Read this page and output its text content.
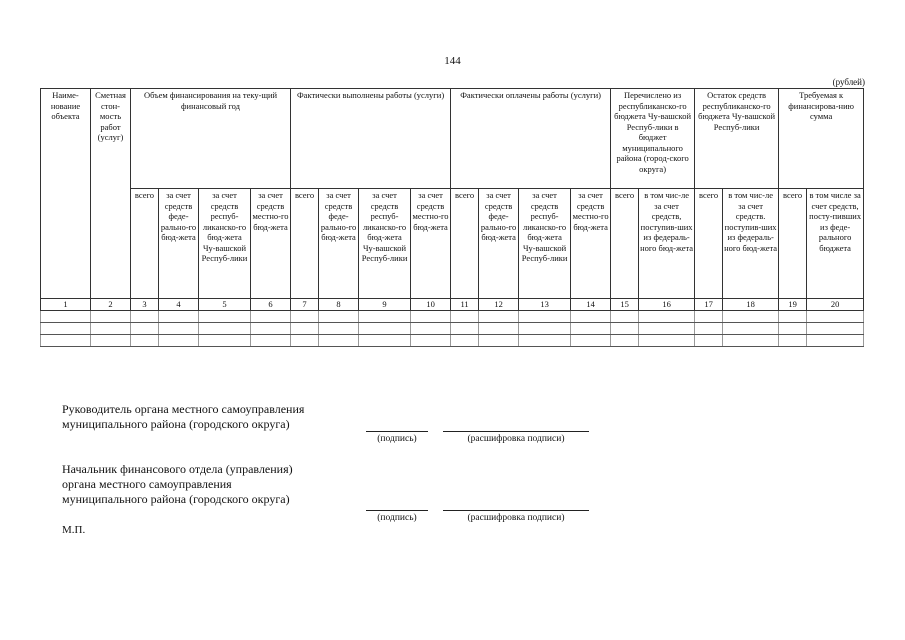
144
(рублей)
Наиме-нование объекта	Сметная стон-мость работ (услуг)	Объем финансирования на теку-щий финансовый год				Фактически выполнены работы (услуги)				Фактически оплачены работы (услуги)				Перечислено из республиканско-го бюджета Чу-вашской Респуб-лики в бюджет муниципального района (город-ского округа)		Остаток средств республиканско-го бюджета Чу-вашской Респуб-лики		Требуемая к финансирова-нию сумма	
		всего	за счет средств феде-рально-го бюд-жета	за счет средств респуб-ликанско-го бюд-жета Чу-вашской Респуб-лики	за счет средств местно-го бюд-жета	всего	за счет средств феде-рально-го бюд-жета	за счет средств респуб-ликанско-го бюд-жета Чу-вашской Респуб-лики	за счет средств местно-го бюд-жета	всего	за счет средств феде-рально-го бюд-жета	за счет средств респуб-ликанско-го бюд-жета Чу-вашской Респуб-лики	за счет средств местно-го бюд-жета	всего	в том чис-ле за счет средств, поступив-ших из федераль-ного бюд-жета	всего	в том чис-ле за счет средств. поступив-ших из федераль-ного бюд-жета	всего	в том числе за счет средств, посту-пивших из феде-рального бюджета
1	2	3	4	5	6	7	8	9	10	11	12	13	14	15	16	17	18	19	20

Руководитель органа местного самоуправления
муниципального района (городского округа)
(подпись)	(расшифровка подписи)
Начальник финансового отдела (управления)
органа местного самоуправления
муниципального района (городского округа)
(подпись)	(расшифровка подписи)
М.П.
